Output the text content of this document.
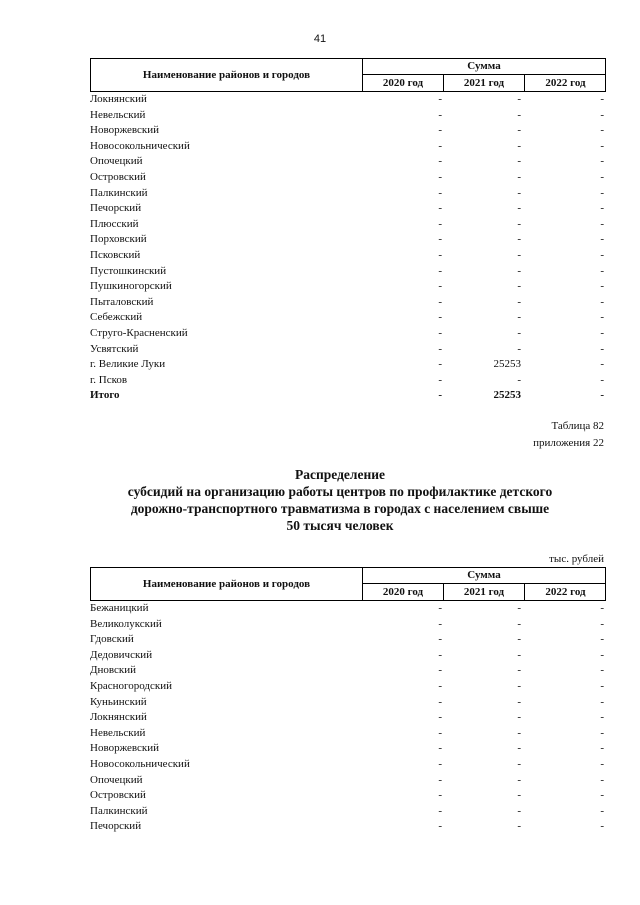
41
Наименование районов и городов
Сумма
2020 год	2021 год	2022 год
Локнянский	-	-	-
Невельский	-	-	-
Новоржевский	-	-	-
Новосокольнический	-	-	-
Опочецкий	-	-	-
Островский	-	-	-
Палкинский	-	-	-
Печорский	-	-	-
Плюсский	-	-	-
Порховский	-	-	-
Псковский	-	-	-
Пустошкинский	-	-	-
Пушкиногорский	-	-	-
Пыталовский	-	-	-
Себежский	-	-	-
Струго-Красненский	-	-	-
Усвятский	-	-	-
г. Великие Луки	-	25253	-
г. Псков	-	-	-
Итого	-	25253	-
Таблица 82
приложения 22
Распределение
субсидий на организацию работы центров по профилактике детского
дорожно-транспортного травматизма в городах с населением свыше
50 тысяч человек
тыс. рублей
Наименование районов и городов
Сумма
2020 год	2021 год	2022 год
Бежаницкий	-	-	-
Великолукский	-	-	-
Гдовский	-	-	-
Дедовичский	-	-	-
Дновский	-	-	-
Красногородский	-	-	-
Куньинский	-	-	-
Локнянский	-	-	-
Невельский	-	-	-
Новоржевский	-	-	-
Новосокольнический	-	-	-
Опочецкий	-	-	-
Островский	-	-	-
Палкинский	-	-	-
Печорский	-	-	-
